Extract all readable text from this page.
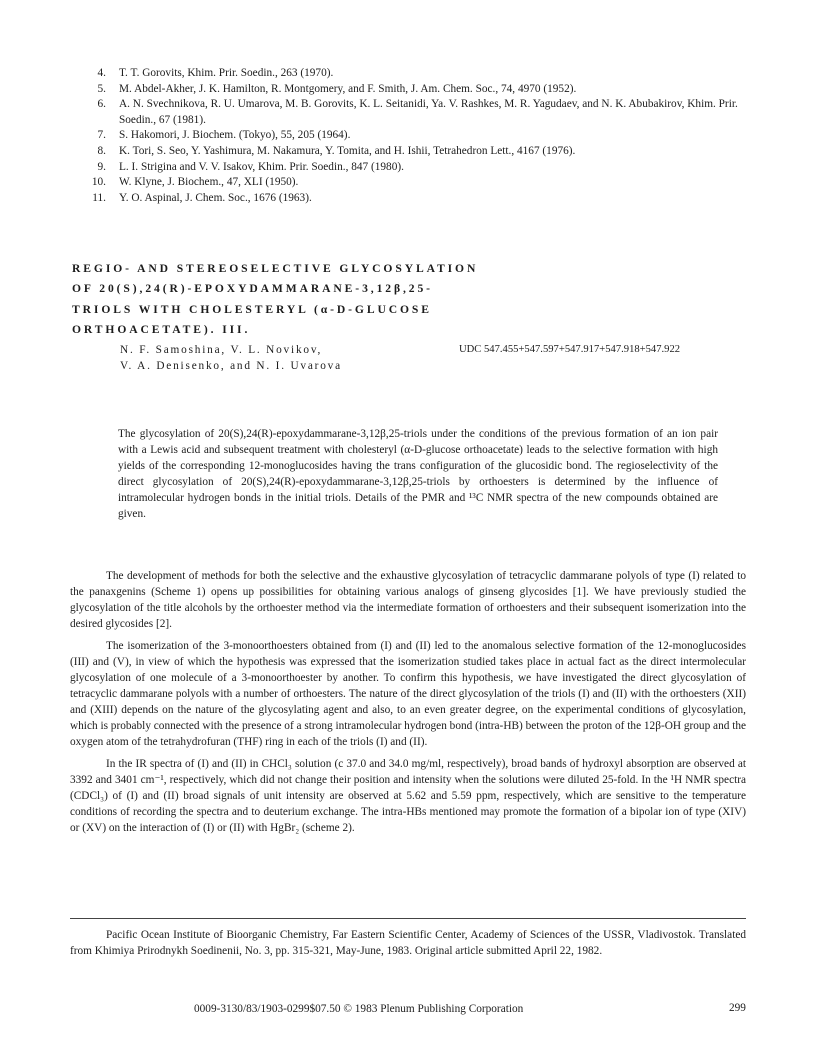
4.	T. T. Gorovits, Khim. Prir. Soedin., 263 (1970).
5.	M. Abdel-Akher, J. K. Hamilton, R. Montgomery, and F. Smith, J. Am. Chem. Soc., 74, 4970 (1952).
6.	A. N. Svechnikova, R. U. Umarova, M. B. Gorovits, K. L. Seitanidi, Ya. V. Rashkes, M. R. Yagudaev, and N. K. Abubakirov, Khim. Prir. Soedin., 67 (1981).
7.	S. Hakomori, J. Biochem. (Tokyo), 55, 205 (1964).
8.	K. Tori, S. Seo, Y. Yashimura, M. Nakamura, Y. Tomita, and H. Ishii, Tetrahedron Lett., 4167 (1976).
9.	L. I. Strigina and V. V. Isakov, Khim. Prir. Soedin., 847 (1980).
10.	W. Klyne, J. Biochem., 47, XLI (1950).
11.	Y. O. Aspinal, J. Chem. Soc., 1676 (1963).
REGIO- AND STEREOSELECTIVE GLYCOSYLATION
OF 20(S),24(R)-EPOXYDAMMARANE-3,12β,25-
TRIOLS WITH CHOLESTERYL (α-D-GLUCOSE
ORTHOACETATE). III.
N. F. Samoshina, V. L. Novikov,
V. A. Denisenko, and N. I. Uvarova
UDC 547.455+547.597+547.917+547.918+547.922
The glycosylation of 20(S),24(R)-epoxydammarane-3,12β,25-triols under the conditions of the previous formation of an ion pair with a Lewis acid and subsequent treatment with cholesteryl (α-D-glucose orthoacetate) leads to the selective formation with high yields of the corresponding 12-monoglucosides having the trans configuration of the glucosidic bond. The regioselectivity of the direct glycosylation of 20(S),24(R)-epoxydammarane-3,12β,25-triols by orthoesters is determined by the influence of intramolecular hydrogen bonds in the initial triols. Details of the PMR and ¹³C NMR spectra of the new compounds obtained are given.

The development of methods for both the selective and the exhaustive glycosylation of tetracyclic dammarane polyols of type (I) related to the panaxgenins (Scheme 1) opens up possibilities for obtaining various analogs of ginseng glycosides [1]. We have previously studied the glycosylation of the title alcohols by the orthoester method via the intermediate formation of orthoesters and their subsequent isomerization into the desired glycosides [2].

The isomerization of the 3-monoorthoesters obtained from (I) and (II) led to the anomalous selective formation of the 12-monoglucosides (III) and (V), in view of which the hypothesis was expressed that the isomerization studied takes place in actual fact as the direct intermolecular glycosylation of one molecule of a 3-monoorthoester by another. To confirm this hypothesis, we have investigated the direct glycosylation of tetracyclic dammarane polyols with a number of orthoesters. The nature of the direct glycosylation of the triols (I) and (II) with the orthoesters (XII) and (XIII) depends on the nature of the glycosylating agent and also, to an even greater degree, on the experimental conditions of glycosylation, which is probably connected with the presence of a strong intramolecular hydrogen bond (intra-HB) between the proton of the 12β-OH group and the oxygen atom of the tetrahydrofuran (THF) ring in each of the triols (I) and (II).

In the IR spectra of (I) and (II) in CHCl₃ solution (c 37.0 and 34.0 mg/ml, respectively), broad bands of hydroxyl absorption are observed at 3392 and 3401 cm⁻¹, respectively, which did not change their position and intensity when the solutions were diluted 25-fold. In the ¹H NMR spectra (CDCl₃) of (I) and (II) broad signals of unit intensity are observed at 5.62 and 5.59 ppm, respectively, which are sensitive to the temperature conditions of recording the spectra and to deuterium exchange. The intra-HBs mentioned may promote the formation of a bipolar ion of type (XIV) or (XV) on the interaction of (I) or (II) with HgBr₂ (scheme 2).

Pacific Ocean Institute of Bioorganic Chemistry, Far Eastern Scientific Center, Academy of Sciences of the USSR, Vladivostok. Translated from Khimiya Prirodnykh Soedinenii, No. 3, pp. 315-321, May-June, 1983. Original article submitted April 22, 1982.
0009-3130/83/1903-0299$07.50 © 1983 Plenum Publishing Corporation	299
